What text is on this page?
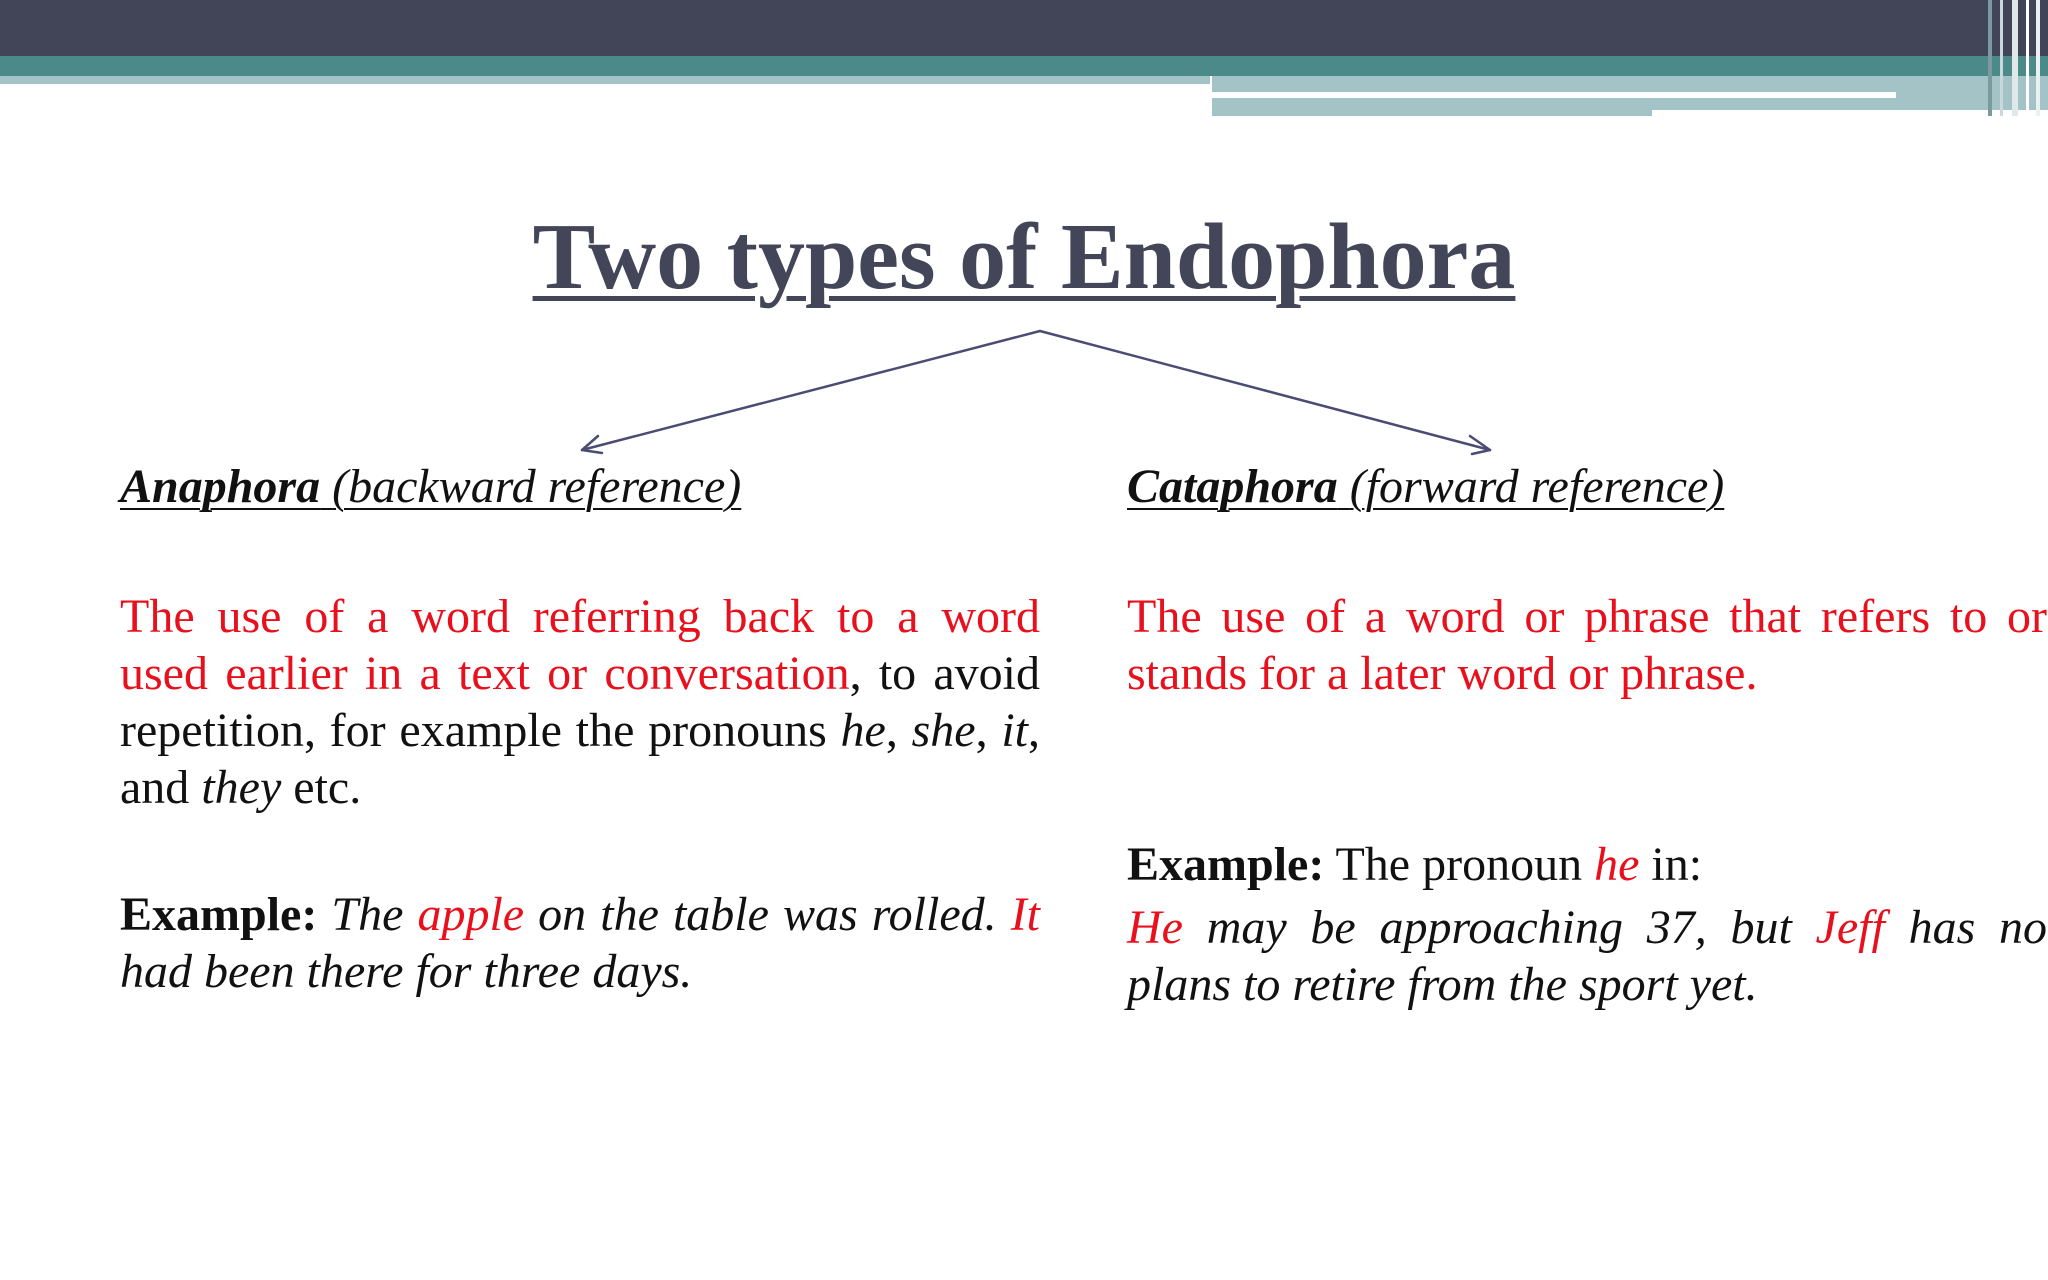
Two types of Endophora
Anaphora (backward reference)

The use of a word referring back to a word used earlier in a text or conversation, to avoid repetition, for example the pronouns he, she, it, and they etc.

Example: The apple on the table was rolled. It had been there for three days.

Cataphora (forward reference)

The use of a word or phrase that refers to or stands for a later word or phrase.

Example: The pronoun he in:

He may be approaching 37, but Jeff has no plans to retire from the sport yet.
